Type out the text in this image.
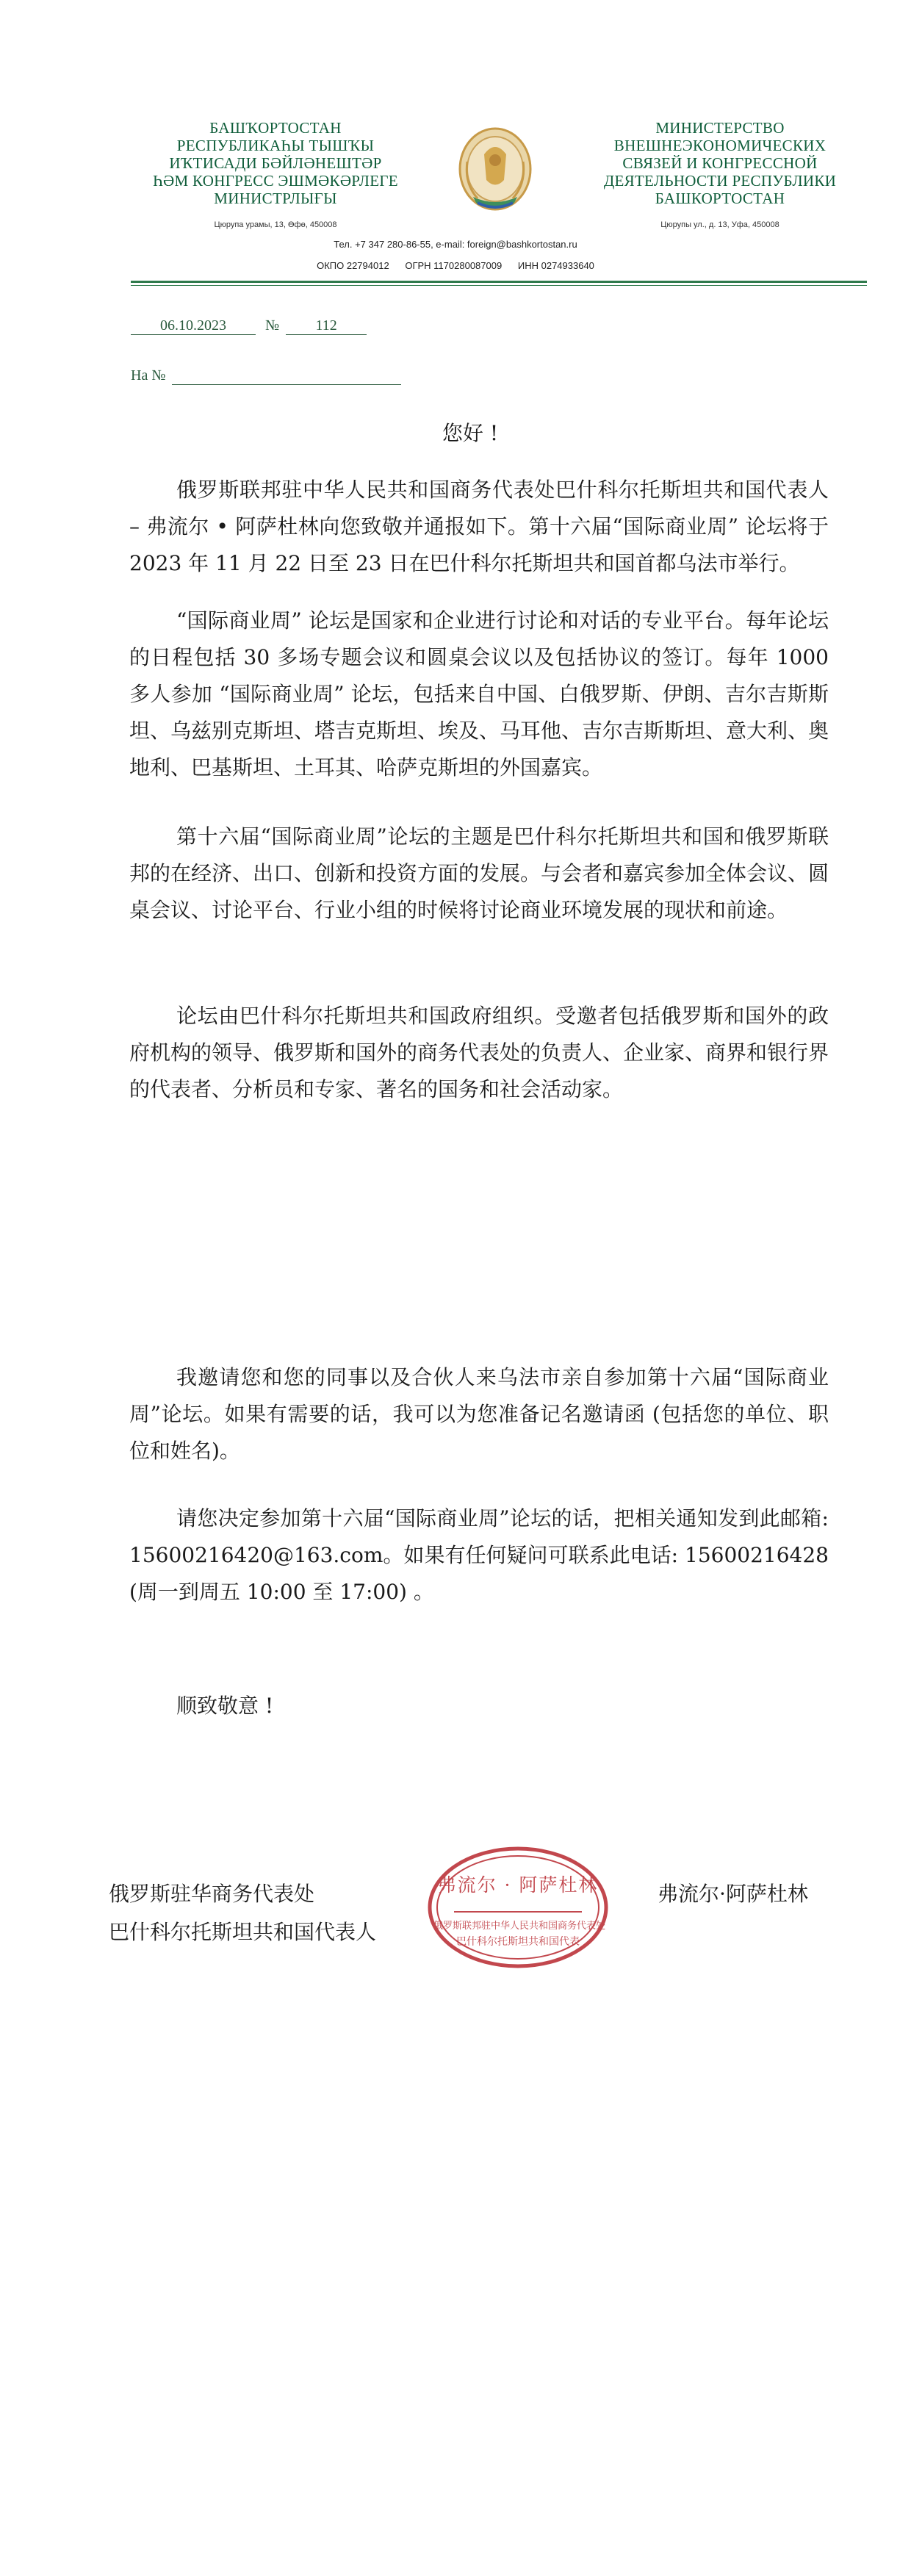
БАШҠОРТОСТАН
РЕСПУБЛИКАҺЫ ТЫШҠЫ
ИҠТИСАДИ БӘЙЛӘНЕШТӘР
ҺӘМ КОНГРЕСС ЭШМӘКӘРЛЕГЕ
МИНИСТРЛЫҒЫ
Цюрупа урамы, 13, Өфө, 450008
МИНИСТЕРСТВО
ВНЕШНЕЭКОНОМИЧЕСКИХ
СВЯЗЕЙ И КОНГРЕССНОЙ
ДЕЯТЕЛЬНОСТИ РЕСПУБЛИКИ
БАШКОРТОСТАН
Цюрупы ул., д. 13, Уфа, 450008
Тел. +7 347 280-86-55, e-mail: foreign@bashkortostan.ru
ОКПО 22794012      ОГРН 1170280087009      ИНН 0274933640
06.10.2023	№ 112
На №
您好 !
俄罗斯联邦驻中华人民共和国商务代表处巴什科尔托斯坦共和国代表人 – 弗流尔 • 阿萨杜林向您致敬并通报如下。第十六届“国际商业周” 论坛将于 2023 年 11 月 22 日至 23 日在巴什科尔托斯坦共和国首都乌法市举行。
“国际商业周” 论坛是国家和企业进行讨论和对话的专业平台。每年论坛的日程包括 30 多场专题会议和圆桌会议以及包括协议的签订。每年 1000 多人参加 “国际商业周” 论坛，包括来自中国、白俄罗斯、伊朗、吉尔吉斯斯坦、乌兹别克斯坦、塔吉克斯坦、埃及、马耳他、吉尔吉斯斯坦、意大利、奥地利、巴基斯坦、土耳其、哈萨克斯坦的外国嘉宾。
第十六届“国际商业周”论坛的主题是巴什科尔托斯坦共和国和俄罗斯联邦的在经济、出口、创新和投资方面的发展。与会者和嘉宾参加全体会议、圆桌会议、讨论平台、行业小组的时候将讨论商业环境发展的现状和前途。
论坛由巴什科尔托斯坦共和国政府组织。受邀者包括俄罗斯和国外的政府机构的领导、俄罗斯和国外的商务代表处的负责人、企业家、商界和银行界的代表者、分析员和专家、著名的国务和社会活动家。
我邀请您和您的同事以及合伙人来乌法市亲自参加第十六届“国际商业周”论坛。如果有需要的话，我可以为您准备记名邀请函 (包括您的单位、职位和姓名)。
请您决定参加第十六届“国际商业周”论坛的话，把相关通知发到此邮箱: 15600216420@163.com。如果有任何疑问可联系此电话: 15600216428 (周一到周五 10:00 至 17:00) 。
顺致敬意 !
俄罗斯驻华商务代表处
巴什科尔托斯坦共和国代表人
弗流尔 · 阿萨杜林
俄罗斯联邦驻中华人民共和国商务代表处
巴什科尔托斯坦共和国代表
弗流尔·阿萨杜林
